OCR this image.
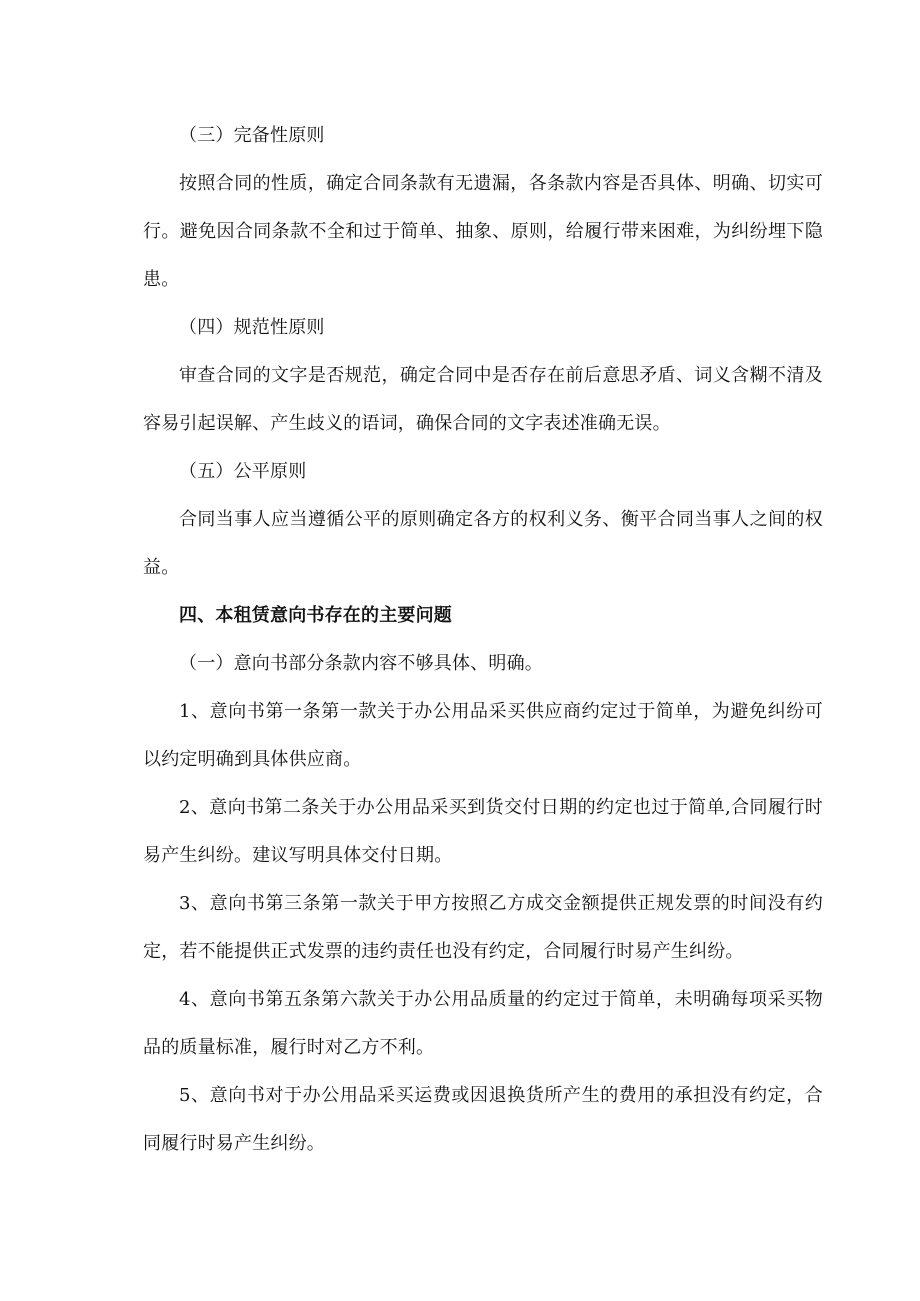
（三）完备性原则

按照合同的性质，确定合同条款有无遗漏，各条款内容是否具体、明确、切实可行。避免因合同条款不全和过于简单、抽象、原则，给履行带来困难，为纠纷埋下隐患。

（四）规范性原则

审查合同的文字是否规范，确定合同中是否存在前后意思矛盾、词义含糊不清及容易引起误解、产生歧义的语词，确保合同的文字表述准确无误。

（五）公平原则

合同当事人应当遵循公平的原则确定各方的权利义务、衡平合同当事人之间的权益。

四、本租赁意向书存在的主要问题

（一）意向书部分条款内容不够具体、明确。

1、意向书第一条第一款关于办公用品采买供应商约定过于简单，为避免纠纷可以约定明确到具体供应商。

2、意向书第二条关于办公用品采买到货交付日期的约定也过于简单,合同履行时易产生纠纷。建议写明具体交付日期。

3、意向书第三条第一款关于甲方按照乙方成交金额提供正规发票的时间没有约定，若不能提供正式发票的违约责任也没有约定，合同履行时易产生纠纷。

4、意向书第五条第六款关于办公用品质量的约定过于简单，未明确每项采买物品的质量标准，履行时对乙方不利。

5、意向书对于办公用品采买运费或因退换货所产生的费用的承担没有约定，合同履行时易产生纠纷。
